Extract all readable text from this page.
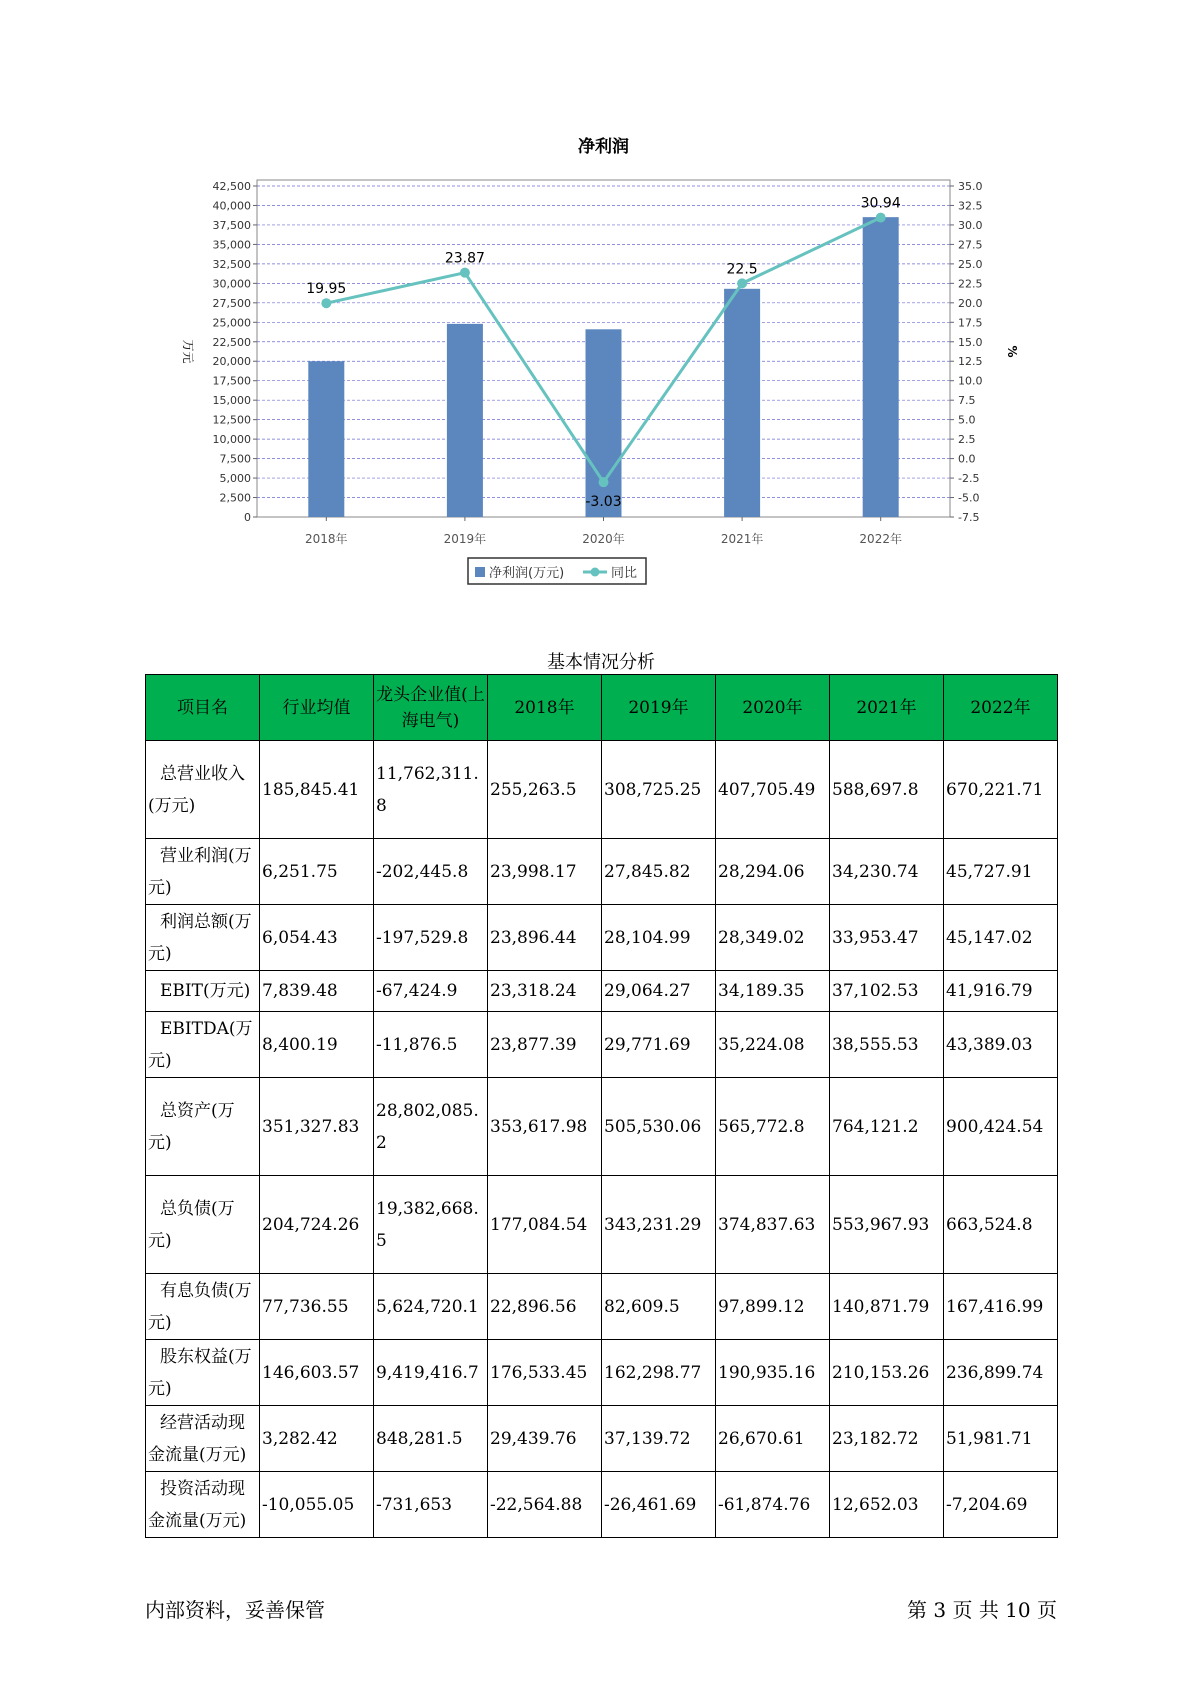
净利润
0
2,500
5,000
7,500
10,000
12,500
15,000
17,500
20,000
22,500
25,000
27,500
30,000
32,500
35,000
37,500
40,000
42,500
-7.5
-5.0
-2.5
0.0
2.5
5.0
7.5
10.0
12.5
15.0
17.5
20.0
22.5
25.0
27.5
30.0
32.5
35.0
万元	%
2018年	2019年	2020年	2021年	2022年
19.95
23.87
-3.03
22.5
30.94
净利润(万元)	同比
基本情况分析
项目名	行业均值	龙头企业值(上海电气)	2018年	2019年	2020年	2021年	2022年
总营业收入(万元)	185,845.41	11,762,311.8	255,263.5	308,725.25	407,705.49	588,697.8	670,221.71
营业利润(万元)	6,251.75	-202,445.8	23,998.17	27,845.82	28,294.06	34,230.74	45,727.91
利润总额(万元)	6,054.43	-197,529.8	23,896.44	28,104.99	28,349.02	33,953.47	45,147.02
EBIT(万元)	7,839.48	-67,424.9	23,318.24	29,064.27	34,189.35	37,102.53	41,916.79
EBITDA(万元)	8,400.19	-11,876.5	23,877.39	29,771.69	35,224.08	38,555.53	43,389.03
总资产(万元)	351,327.83	28,802,085.2	353,617.98	505,530.06	565,772.8	764,121.2	900,424.54
总负债(万元)	204,724.26	19,382,668.5	177,084.54	343,231.29	374,837.63	553,967.93	663,524.8
有息负债(万元)	77,736.55	5,624,720.1	22,896.56	82,609.5	97,899.12	140,871.79	167,416.99
股东权益(万元)	146,603.57	9,419,416.7	176,533.45	162,298.77	190,935.16	210,153.26	236,899.74
经营活动现金流量(万元)	3,282.42	848,281.5	29,439.76	37,139.72	26,670.61	23,182.72	51,981.71
投资活动现金流量(万元)	-10,055.05	-731,653	-22,564.88	-26,461.69	-61,874.76	12,652.03	-7,204.69
内部资料，妥善保管	第 3 页 共 10 页
